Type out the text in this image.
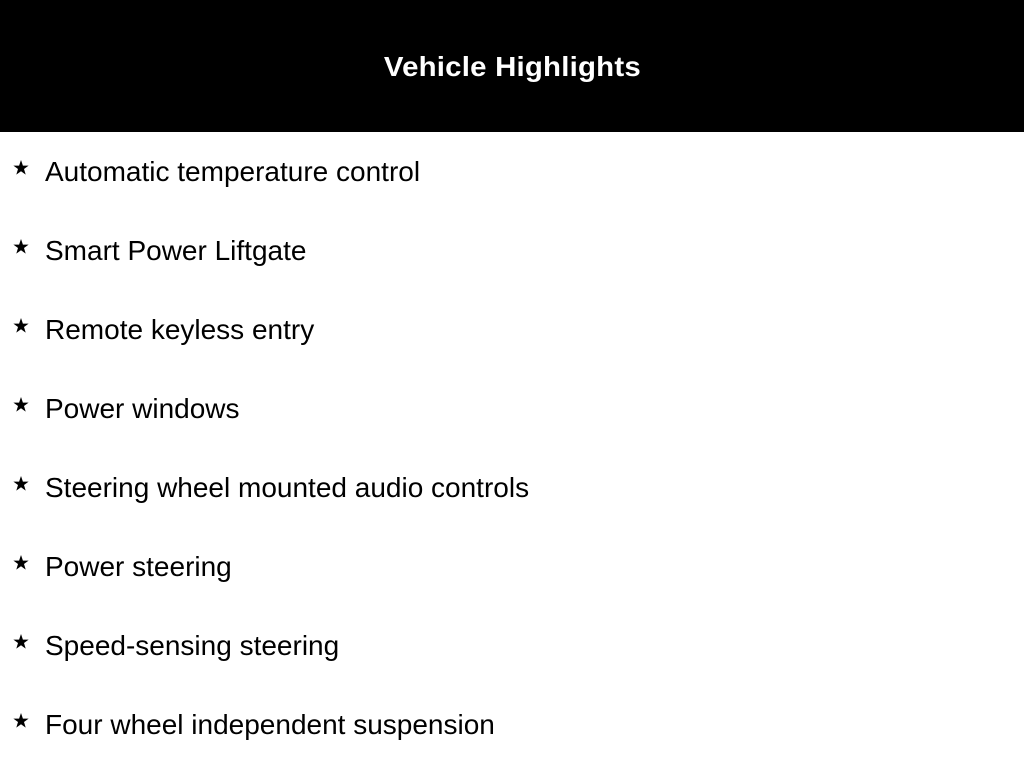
Vehicle Highlights
Automatic temperature control
Smart Power Liftgate
Remote keyless entry
Power windows
Steering wheel mounted audio controls
Power steering
Speed-sensing steering
Four wheel independent suspension
